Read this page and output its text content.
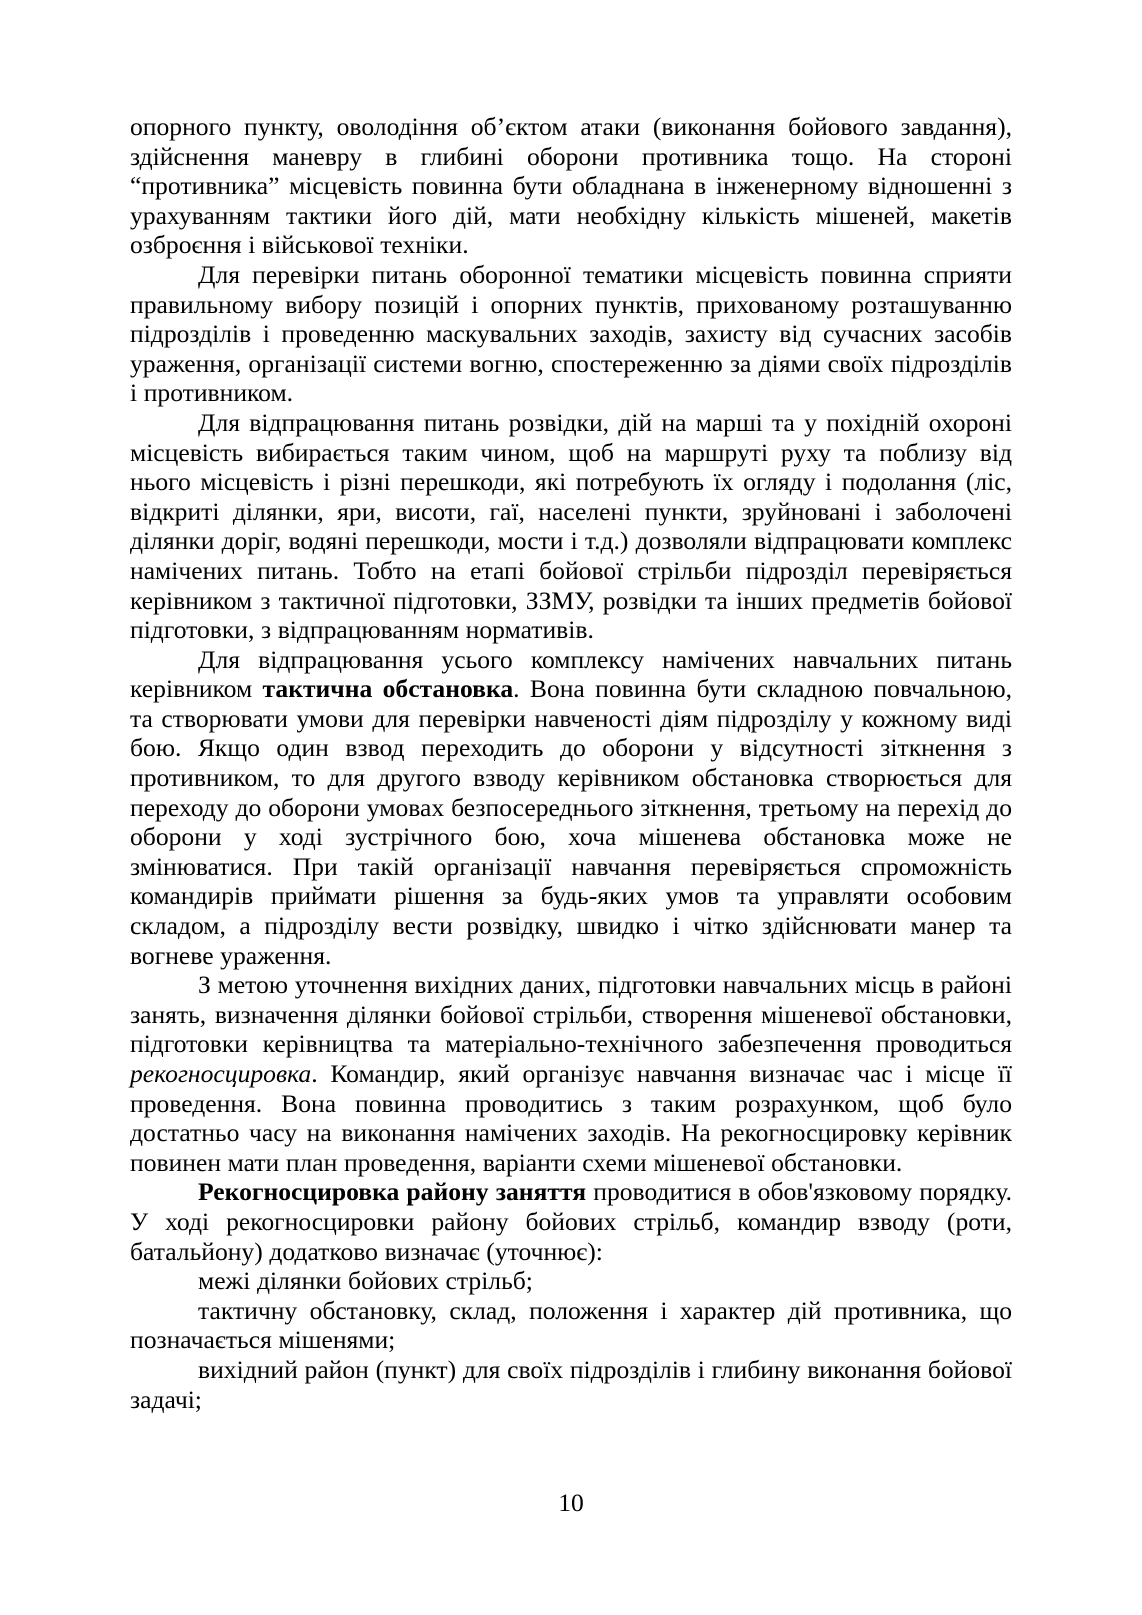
опорного пункту, оволодіння об’єктом атаки (виконання бойового завдання), здійснення маневру в глибині оборони противника тощо. На стороні “противника” місцевість повинна бути обладнана в інженерному відношенні з урахуванням тактики його дій, мати необхідну кількість мішеней, макетів озброєння і військової техніки.

Для перевірки питань оборонної тематики місцевість повинна сприяти правильному вибору позицій і опорних пунктів, прихованому розташуванню підрозділів і проведенню маскувальних заходів, захисту від сучасних засобів ураження, організації системи вогню, спостереженню за діями своїх підрозділів і противником.

Для відпрацювання питань розвідки, дій на марші та у похідній охороні місцевість вибирається таким чином, щоб на маршруті руху та поблизу від нього місцевість і різні перешкоди, які потребують їх огляду і подолання (ліс, відкриті ділянки, яри, висоти, гаї, населені пункти, зруйновані і заболочені ділянки доріг, водяні перешкоди, мости і т.д.) дозволяли відпрацювати комплекс намічених питань. Тобто на етапі бойової стрільби підрозділ перевіряється керівником з тактичної підготовки, ЗЗМУ, розвідки та інших предметів бойової підготовки, з відпрацюванням нормативів.

Для відпрацювання усього комплексу намічених навчальних питань керівником тактична обстановка. Вона повинна бути складною повчальною, та створювати умови для перевірки навченості діям підрозділу у кожному виді бою. Якщо один взвод переходить до оборони у відсутності зіткнення з противником, то для другого взводу керівником обстановка створюється для переходу до оборони умовах безпосереднього зіткнення, третьому на перехід до оборони у ході зустрічного бою, хоча мішенева обстановка може не змінюватися. При такій організації навчання перевіряється спроможність командирів приймати рішення за будь-яких умов та управляти особовим складом, а підрозділу вести розвідку, швидко і чітко здійснювати манер та вогневе ураження.

З метою уточнення вихідних даних, підготовки навчальних місць в районі занять, визначення ділянки бойової стрільби, створення мішеневої обстановки, підготовки керівництва та матеріально-технічного забезпечення проводиться рекогносцировка. Командир, який організує навчання визначає час і місце її проведення. Вона повинна проводитись з таким розрахунком, щоб було достатньо часу на виконання намічених заходів. На рекогносцировку керівник повинен мати план проведення, варіанти схеми мішеневої обстановки.

Рекогносцировка району заняття проводитися в обов'язковому порядку. У ході рекогносцировки району бойових стрільб, командир взводу (роти, батальйону) додатково визначає (уточнює):

межі ділянки бойових стрільб;

тактичну обстановку, склад, положення і характер дій противника, що позначається мішенями;

вихідний район (пункт) для своїх підрозділів і глибину виконання бойової задачі;

10
